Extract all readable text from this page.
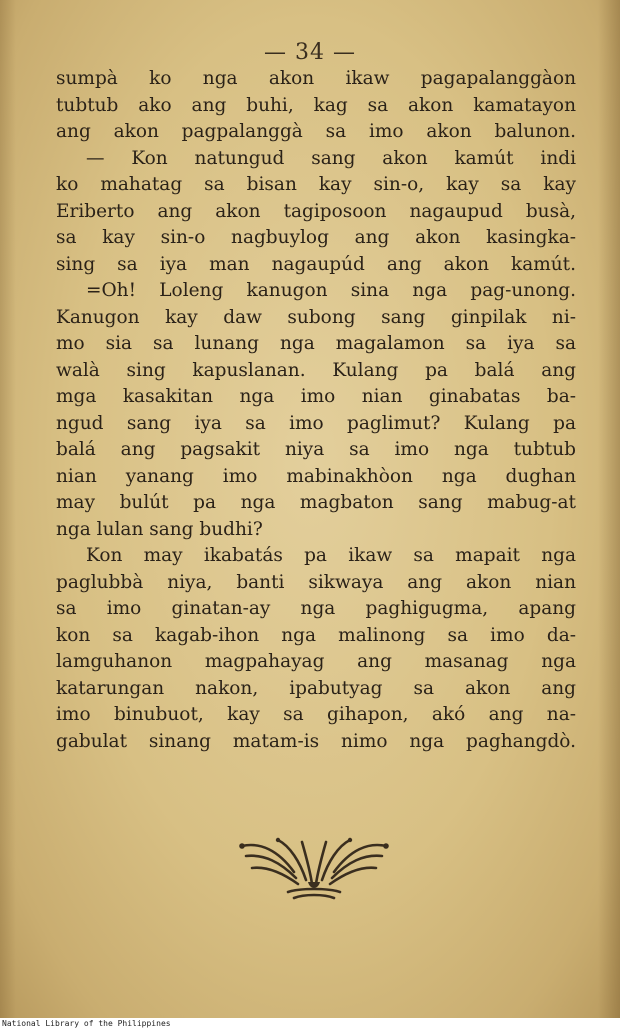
— 34 —
sumpà ko nga akon ikaw pagapalanggàon
tubtub ako ang buhi, kag sa akon kamatayon
ang akon pagpalanggà sa imo akon balunon.
— Kon natungud sang akon kamút indi
ko mahatag sa bisan kay sin-o, kay sa kay
Eriberto ang akon tagiposoon nagaupud busà,
sa kay sin-o nagbuylog ang akon kasingka-
sing sa iya man nagaupúd ang akon kamút.
=Oh! Loleng kanugon sina nga pag-unong.
Kanugon kay daw subong sang ginpilak ni-
mo sia sa lunang nga magalamon sa iya sa
walà sing kapuslanan. Kulang pa balá ang
mga kasakitan nga imo nian ginabatas ba-
ngud sang iya sa imo paglimut? Kulang pa
balá ang pagsakit niya sa imo nga tubtub
nian yanang imo mabinakhòon nga dughan
may bulút pa nga magbaton sang mabug-at
nga lulan sang budhi?
Kon may ikabatás pa ikaw sa mapait nga
paglubbà niya, banti sikwaya ang akon nian
sa imo ginatan-ay nga paghigugma, apang
kon sa kagab-ihon nga malinong sa imo da-
lamguhanon magpahayag ang masanag nga
katarungan nakon, ipabutyag sa akon ang
imo binubuot, kay sa gihapon, akó ang na-
gabulat sinang matam-is nimo nga paghangdò.
National Library of the Philippines
